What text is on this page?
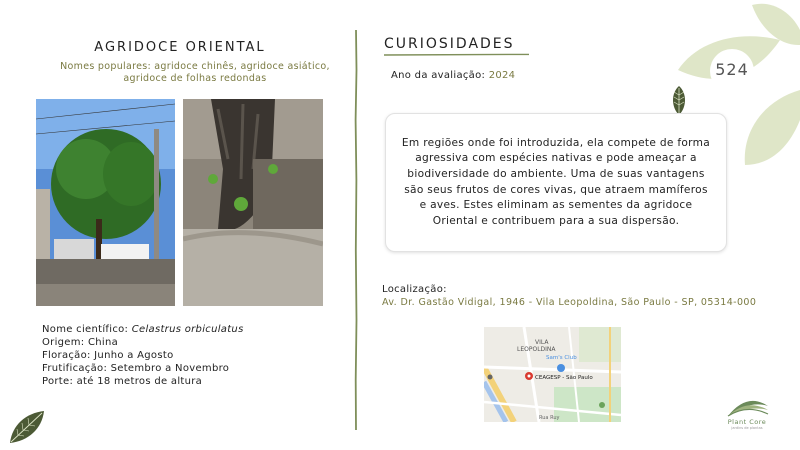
524
AGRIDOCE ORIENTAL
Nomes populares: agridoce chinês, agridoce asiático, agridoce de folhas redondas
Nome científico: Celastrus orbiculatus
Origem: China
Floração: Junho a Agosto
Frutificação: Setembro a Novembro
Porte: até 18 metros de altura
CURIOSIDADES
Ano da avaliação: 2024

Em regiões onde foi introduzida, ela compete de forma agressiva com espécies nativas e pode ameaçar a biodiversidade do ambiente. Uma de suas vantagens são seus frutos de cores vivas, que atraem mamíferos e aves. Estes eliminam as sementes da agridoce Oriental e contribuem para a sua dispersão.

Localização:
Av. Dr. Gastão Vidigal, 1946 - Vila Leopoldina, São Paulo - SP, 05314-000
VILA
LEOPOLDINA
Sam's Club
CEAGESP - São Paulo
Rua Ruy	Plant Core
jardins de plantas
